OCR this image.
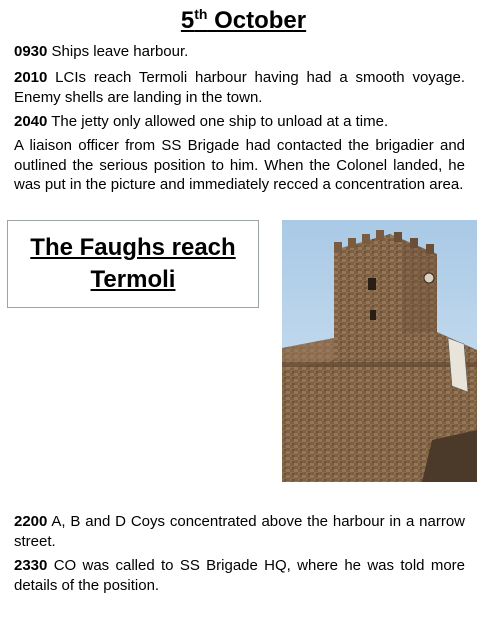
5th October
0930 Ships leave harbour.
2010 LCIs reach Termoli harbour having had a smooth voyage. Enemy shells are landing in the town.
2040 The jetty only allowed one ship to unload at a time.
A liaison officer from SS Brigade had contacted the brigadier and outlined the serious position to him. When the Colonel landed, he was put in the picture and immediately recced a concentration area.
The Faughs reach Termoli
2200 A, B and D Coys concentrated above the harbour in a narrow street.
2330 CO was called to SS Brigade HQ, where he was told more details of the position.
